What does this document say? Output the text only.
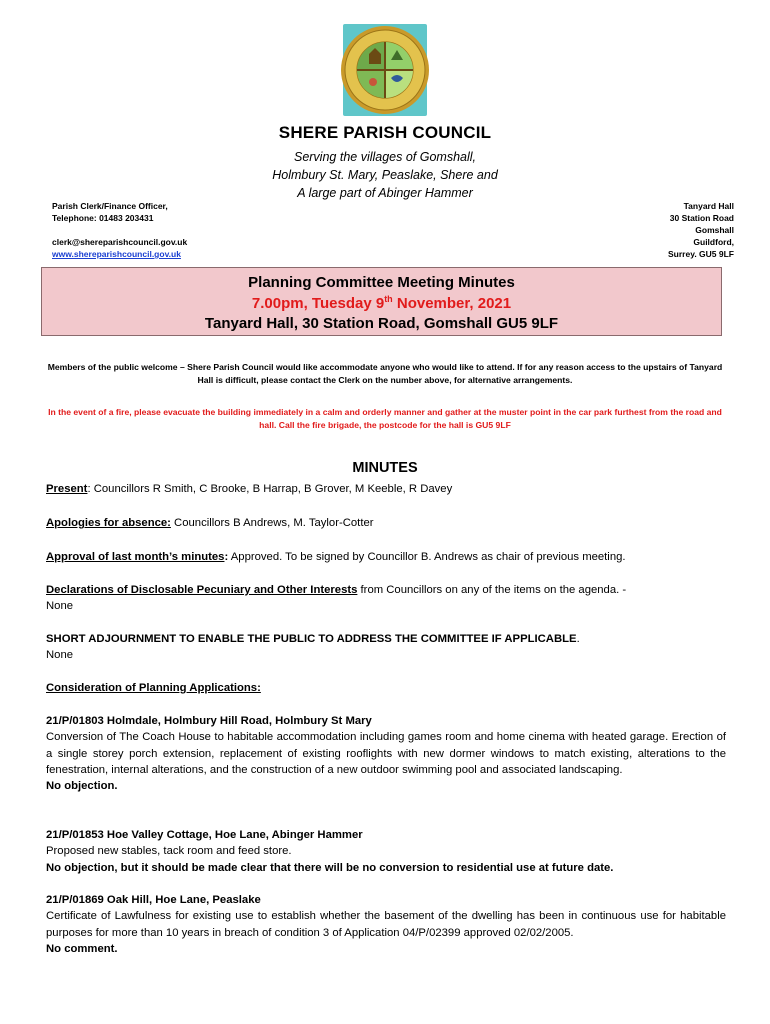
SHERE PARISH COUNCIL
Serving the villages of Gomshall,
Holmbury St. Mary, Peaslake, Shere and
A large part of Abinger Hammer
Parish Clerk/Finance Officer,
Telephone: 01483 203431
clerk@shereparishcouncil.gov.uk
www.shereparishcouncil.gov.uk
Tanyard Hall
30 Station Road
Gomshall
Guildford,
Surrey. GU5 9LF
Planning Committee Meeting Minutes
7.00pm, Tuesday 9th November, 2021
Tanyard Hall, 30 Station Road, Gomshall GU5 9LF
Members of the public welcome – Shere Parish Council would like accommodate anyone who would like to attend. If for any reason access to the upstairs of Tanyard Hall is difficult, please contact the Clerk on the number above, for alternative arrangements.
In the event of a fire, please evacuate the building immediately in a calm and orderly manner and gather at the muster point in the car park furthest from the road and hall. Call the fire brigade, the postcode for the hall is GU5 9LF
MINUTES
Present: Councillors R Smith, C Brooke, B Harrap, B Grover, M Keeble, R Davey
Apologies for absence: Councillors B Andrews, M. Taylor-Cotter
Approval of last month’s minutes: Approved. To be signed by Councillor B. Andrews as chair of previous meeting.
Declarations of Disclosable Pecuniary and Other Interests from Councillors on any of the items on the agenda. -
None
SHORT ADJOURNMENT TO ENABLE THE PUBLIC TO ADDRESS THE COMMITTEE IF APPLICABLE.
None
Consideration of Planning Applications:
21/P/01803 Holmdale, Holmbury Hill Road, Holmbury St Mary
Conversion of The Coach House to habitable accommodation including games room and home cinema with heated garage. Erection of a single storey porch extension, replacement of existing rooflights with new dormer windows to match existing, alterations to the fenestration, internal alterations, and the construction of a new outdoor swimming pool and associated landscaping.
No objection.
21/P/01853 Hoe Valley Cottage, Hoe Lane, Abinger Hammer
Proposed new stables, tack room and feed store.
No objection, but it should be made clear that there will be no conversion to residential use at future date.
21/P/01869 Oak Hill, Hoe Lane, Peaslake
Certificate of Lawfulness for existing use to establish whether the basement of the dwelling has been in continuous use for habitable purposes for more than 10 years in breach of condition 3 of Application 04/P/02399 approved 02/02/2005.
No comment.
